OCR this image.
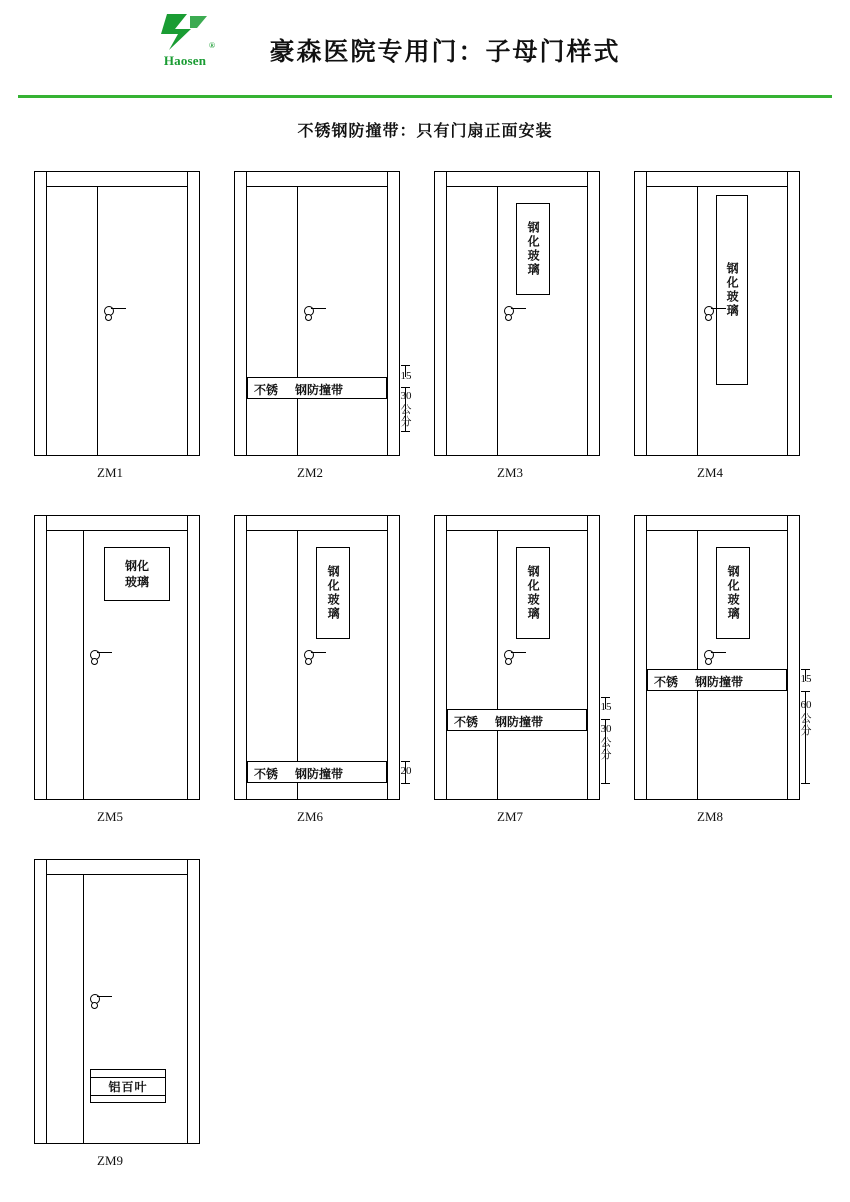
Haosen
®	豪森医院专用门：子母门样式
不锈钢防撞带：只有门扇正面安装
ZM1
不锈 钢防撞带
15
30
公分
ZM2
钢化玻璃
ZM3
钢化玻璃
ZM4
钢化
玻璃
ZM5
钢化玻璃
不锈 钢防撞带	20
ZM6
钢化玻璃
不锈 钢防撞带
15
30
公分
ZM7
钢化玻璃
不锈 钢防撞带	15
60
公分
ZM8
铝百叶
ZM9
